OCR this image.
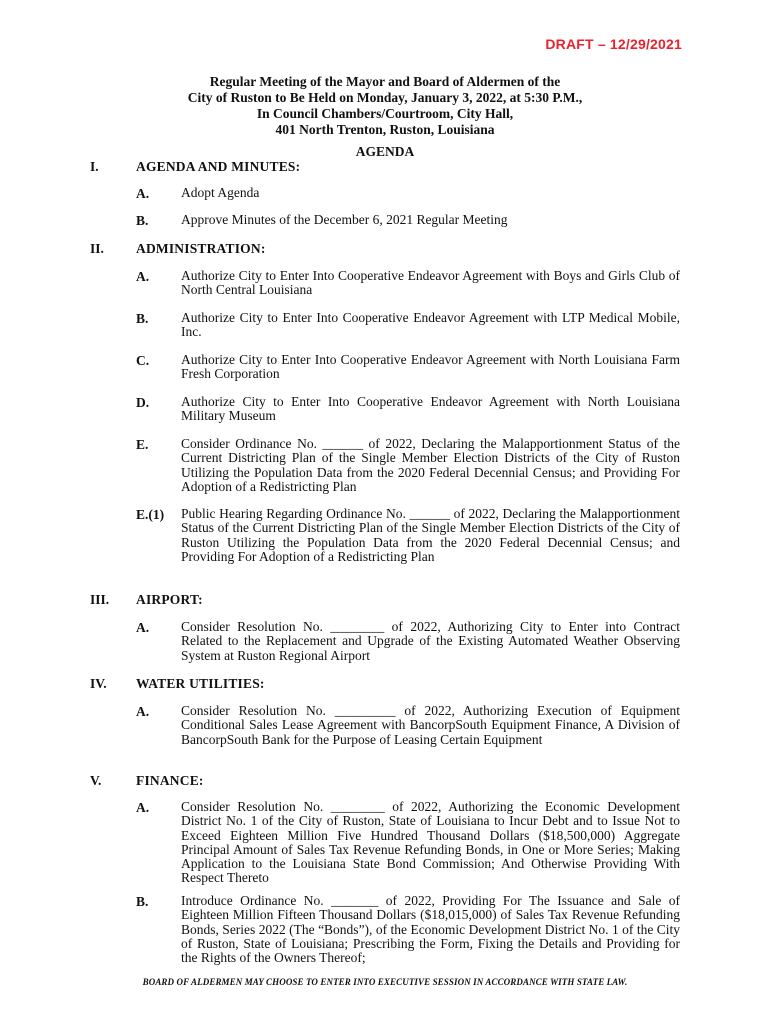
DRAFT – 12/29/2021
Regular Meeting of the Mayor and Board of Aldermen of the
City of Ruston to Be Held on Monday, January 3, 2022, at 5:30 P.M.,
In Council Chambers/Courtroom, City Hall,
401 North Trenton, Ruston, Louisiana
AGENDA
I.	AGENDA AND MINUTES:
A. Adopt Agenda
B. Approve Minutes of the December 6, 2021 Regular Meeting
II. ADMINISTRATION:
A. Authorize City to Enter Into Cooperative Endeavor Agreement with Boys and Girls Club of North Central Louisiana
B. Authorize City to Enter Into Cooperative Endeavor Agreement with LTP Medical Mobile, Inc.
C. Authorize City to Enter Into Cooperative Endeavor Agreement with North Louisiana Farm Fresh Corporation
D. Authorize City to Enter Into Cooperative Endeavor Agreement with North Louisiana Military Museum
E. Consider Ordinance No. ______ of 2022, Declaring the Malapportionment Status of the Current Districting Plan of the Single Member Election Districts of the City of Ruston Utilizing the Population Data from the 2020 Federal Decennial Census; and Providing For Adoption of a Redistricting Plan
E.(1) Public Hearing Regarding Ordinance No. ______ of 2022, Declaring the Malapportionment Status of the Current Districting Plan of the Single Member Election Districts of the City of Ruston Utilizing the Population Data from the 2020 Federal Decennial Census; and Providing For Adoption of a Redistricting Plan
III. AIRPORT:
A. Consider Resolution No. ________ of 2022, Authorizing City to Enter into Contract Related to the Replacement and Upgrade of the Existing Automated Weather Observing System at Ruston Regional Airport
IV. WATER UTILITIES:
A. Consider Resolution No. _________ of 2022, Authorizing Execution of Equipment Conditional Sales Lease Agreement with BancorpSouth Equipment Finance, A Division of BancorpSouth Bank for the Purpose of Leasing Certain Equipment
V.	FINANCE:
A. Consider Resolution No. ________ of 2022, Authorizing the Economic Development District No. 1 of the City of Ruston, State of Louisiana to Incur Debt and to Issue Not to Exceed Eighteen Million Five Hundred Thousand Dollars ($18,500,000) Aggregate Principal Amount of Sales Tax Revenue Refunding Bonds, in One or More Series; Making Application to the Louisiana State Bond Commission; And Otherwise Providing With Respect Thereto
B. Introduce Ordinance No. _______ of 2022, Providing For The Issuance and Sale of Eighteen Million Fifteen Thousand Dollars ($18,015,000) of Sales Tax Revenue Refunding Bonds, Series 2022 (The “Bonds”), of the Economic Development District No. 1 of the City of Ruston, State of Louisiana; Prescribing the Form, Fixing the Details and Providing for the Rights of the Owners Thereof;
BOARD OF ALDERMEN MAY CHOOSE TO ENTER INTO EXECUTIVE SESSION IN ACCORDANCE WITH STATE LAW.
